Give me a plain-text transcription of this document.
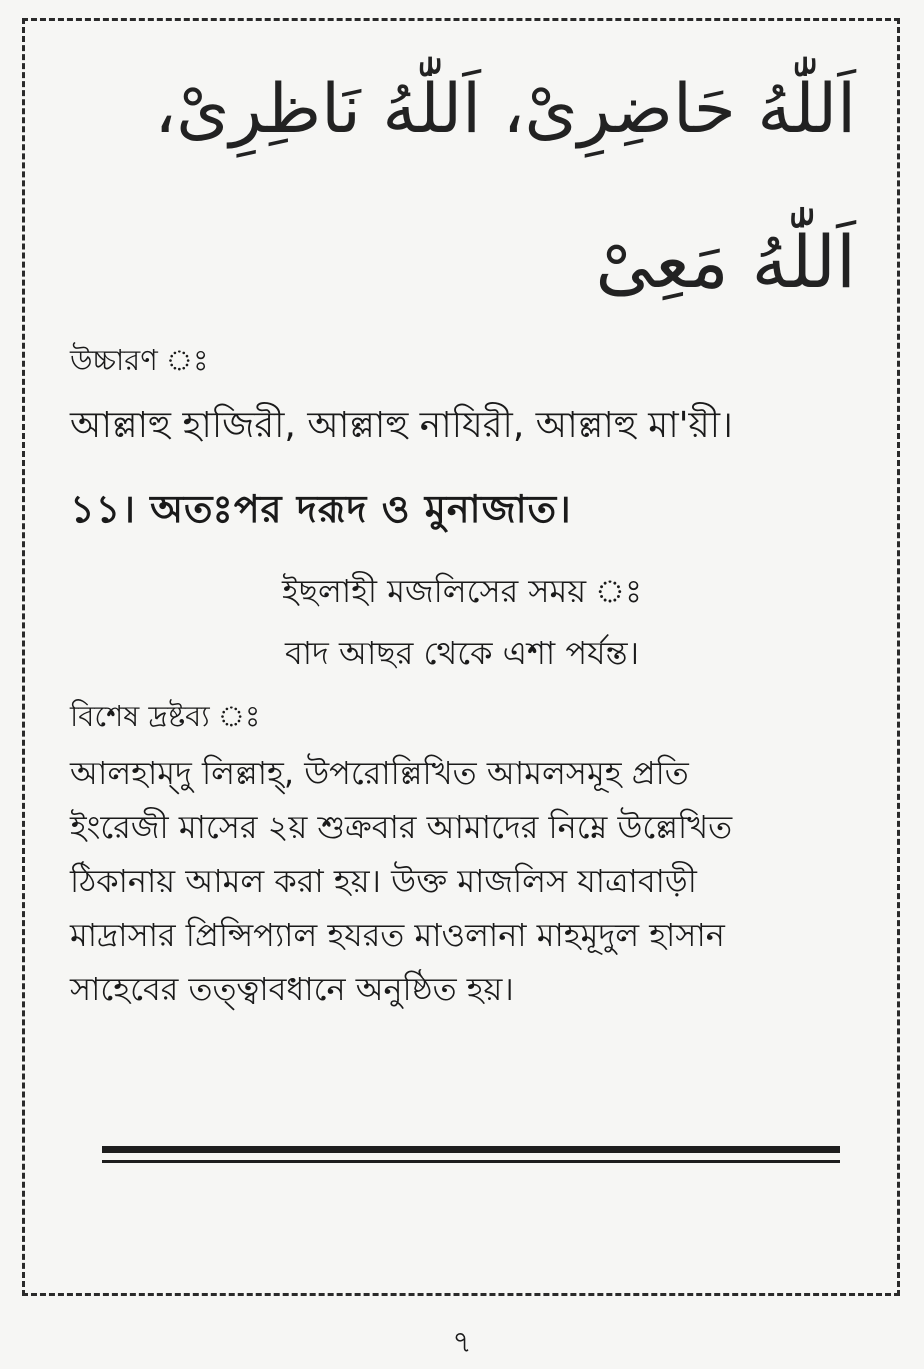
اَللّٰهُ حَاضِرِىْ، اَللّٰهُ نَاظِرِىْ،
اَللّٰهُ مَعِىْ
উচ্চারণ ঃ
আল্লাহু হাজিরী, আল্লাহু নাযিরী, আল্লাহু মা'য়ী।
১১। অতঃপর দরূদ ও মুনাজাত।
ইছলাহী মজলিসের সময় ঃ
বাদ আছর থেকে এশা পর্যন্ত।
বিশেষ দ্রষ্টব্য ঃ
আলহাম্‌দু লিল্লাহ্‌, উপরোল্লিখিত আমলসমূহ প্রতি
ইংরেজী মাসের ২য় শুক্রবার আমাদের নিম্নে উল্লেখিত
ঠিকানায় আমল করা হয়। উক্ত মাজলিস যাত্রাবাড়ী
মাদ্রাসার প্রিন্সিপ্যাল হযরত মাওলানা মাহমূদুল হাসান
সাহেবের তত্ত্বাবধানে অনুষ্ঠিত হয়।
৭
